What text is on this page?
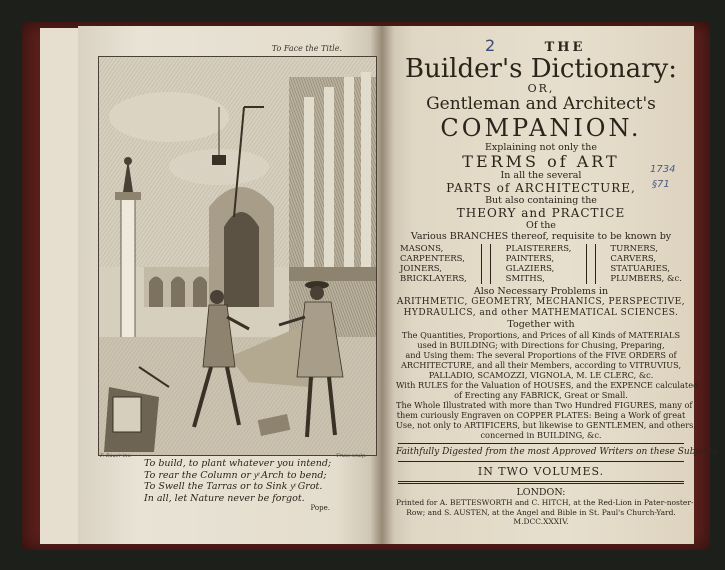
To Face the Title.
F. Bauer inv.	Truss sculp.
To build, to plant whatever you intend;
To rear the Column or yͤ Arch to bend;
To Swell the Tarras or to Sink yͤ Grot.
In all, let Nature never be forgot.
Pope.
2
1734
§71
THE
Builder's Dictionary:
OR,
Gentleman and Architect's
COMPANION.
Explaining not only the
TERMS of ART
In all the several
PARTS of ARCHITECTURE,
But also containing the
THEORY and PRACTICE
Of the
Various BRANCHES thereof, requisite to be known by
MASONS,
CARPENTERS,
JOINERS,
BRICKLAYERS,
PLAISTERERS,
PAINTERS,
GLAZIERS,
SMITHS,
TURNERS,
CARVERS,
STATUARIES,
PLUMBERS, &c.
Also Necessary Problems in
ARITHMETIC, GEOMETRY, MECHANICS, PERSPECTIVE,
HYDRAULICS, and other MATHEMATICAL SCIENCES.
Together with
The Quantities, Proportions, and Prices of all Kinds of MATERIALS
used in BUILDING; with Directions for Chusing, Preparing,
and Using them: The several Proportions of the FIVE ORDERS of
ARCHITECTURE, and all their Members, according to VITRUVIUS,
PALLADIO, SCAMOZZI, VIGNOLA, M. LE CLERC, &c.
With RULES for the Valuation of HOUSES, and the EXPENCE calculated
of Erecting any FABRICK, Great or Small.
The Whole Illustrated with more than Two Hundred FIGURES, many of
them curiously Engraven on COPPER PLATES: Being a Work of great
Use, not only to ARTIFICERS, but likewise to GENTLEMEN, and others,
concerned in BUILDING, &c.
Faithfully Digested from the most Approved Writers on these Subjects.
IN TWO VOLUMES.
LONDON:
Printed for A. BETTESWORTH and C. HITCH, at the Red-Lion in Pater-noster-
Row; and S. AUSTEN, at the Angel and Bible in St. Paul's Church-Yard.
M.DCC.XXXIV.
